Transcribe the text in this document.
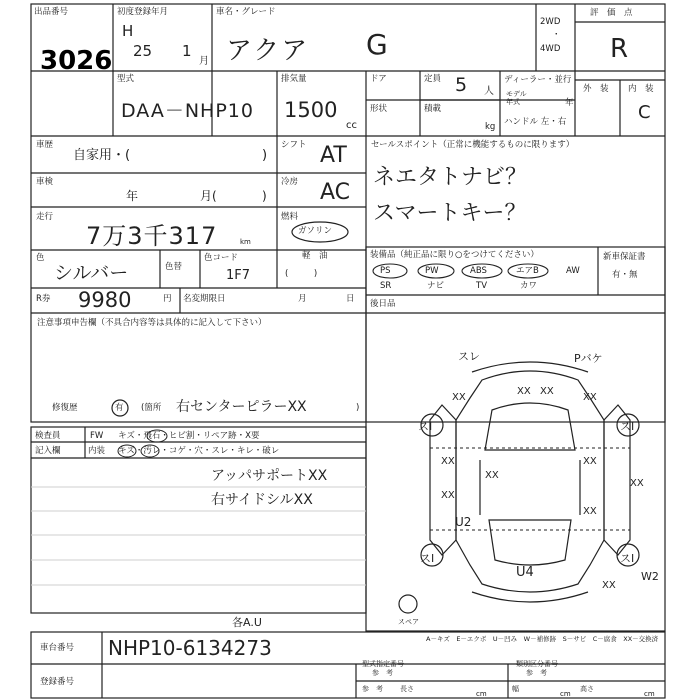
出品番号
3026
初度登録年月
H
25 1
月
車名・グレード
アクア G
2WD
・
4WD
評　価　点
R
外　装 内　装
C
型式
DAA－NHP10
排気量
1500
cc
ドア	定員 5 人
形状	積載
kg
ディーラー・並行
モデル
年式	年
ハンドル 左・右
車歴
自家用・(	)
車検
年	月(	)
走行
7万3千317	km
色
シルバー	色替
色コード
1F7
シフト AT
冷房 AC
燃料
ガソリン
軽　油
(　　　)
R券 9980	円 名変期限日	月	日
注意事項申告欄（不具合内容等は具体的に記入して下さい）
修復歴	有 (箇所 右センターピラーXX	)
セールスポイント（正常に機能するものに限ります）
ネエタトナビ？
スマートキー？
装備品（純正品に限り○をつけてください）
PS	PW	ABS	エアB	AW
SR	ナビ	TV	カワ
新車保証書
有・無
後日品
スレ	Pバケ
XX
XX XX
XX
XX	XX
XX
XX
XX
XX
XX
スI	スI
スI	スI
U2
U4	W2
スペア
A－キズ　E－エクボ　U－凹み　W－補修跡　S－サビ　C－腐食　XX－交換済
検査員
記入欄
FW キズ・飛石・ヒビ割・リペア跡・X要
内装 キズ・汚レ・コゲ・穴・スレ・キレ・破レ
アッパサポートXX
右サイドシルXX
各A.U
車台番号 NHP10-6134273
登録番号
型式指定番号
参　考
類別区分番号
参　考
参　考 長さ
cm
幅
cm
高さ
cm
